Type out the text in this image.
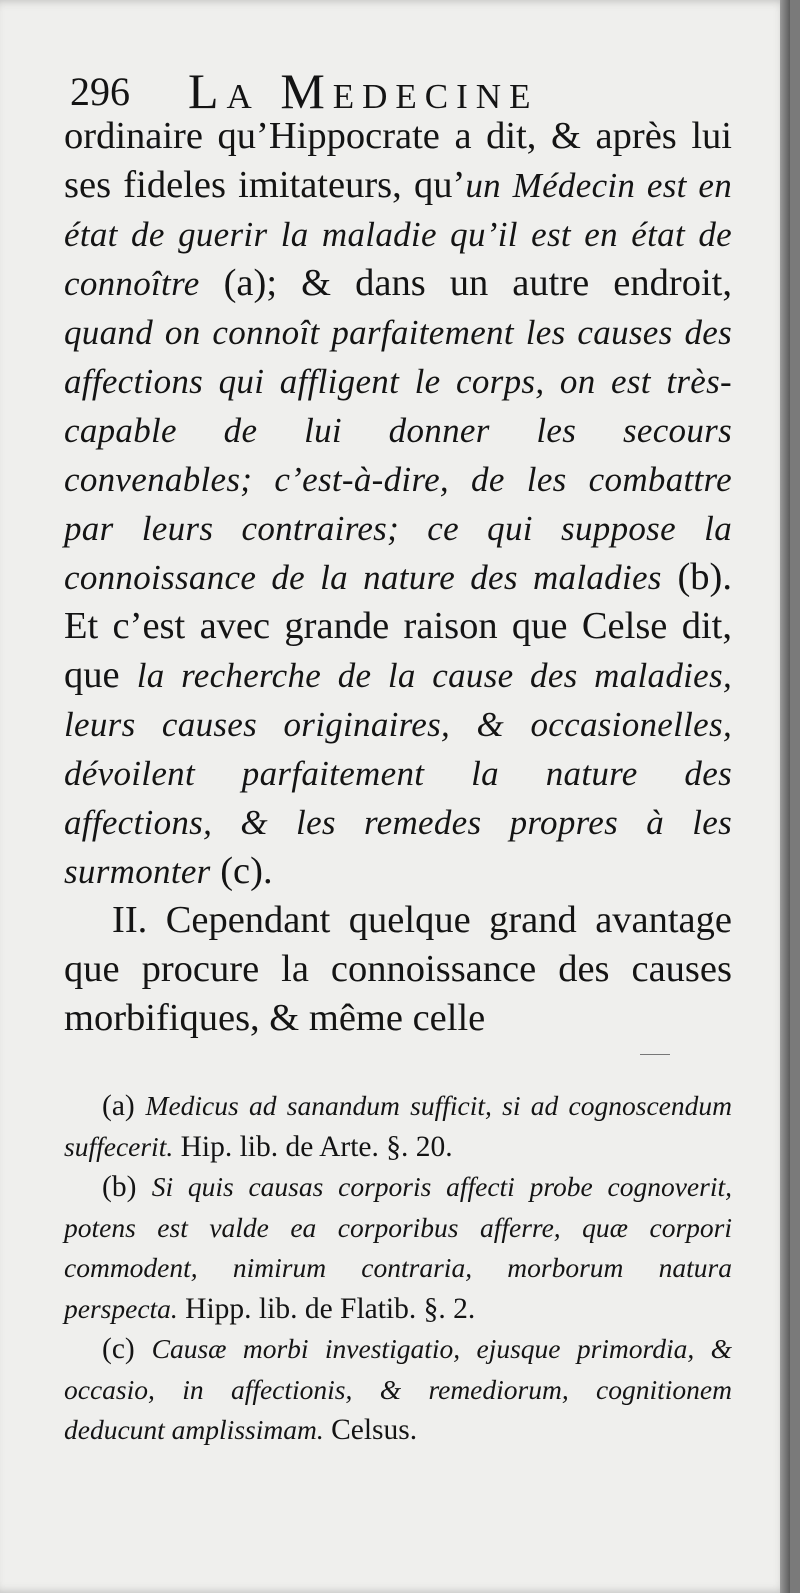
296 La Medecine

ordinaire qu’Hippocrate a dit, & après lui ses fideles imitateurs, qu’un Médecin est en état de guerir la maladie qu’il est en état de connoître (a); & dans un autre endroit, quand on connoît parfaitement les causes des affections qui affligent le corps, on est très-capable de lui donner les secours convenables; c’est-à-dire, de les combattre par leurs contraires; ce qui suppose la connoissance de la nature des maladies (b). Et c’est avec grande raison que Celse dit, que la recherche de la cause des maladies, leurs causes originaires, & occasionelles, dévoilent parfaitement la nature des affections, & les remedes propres à les surmonter (c).

II. Cependant quelque grand avantage que procure la connoissance des causes morbifiques, & même celle

(a) Medicus ad sanandum sufficit, si ad cognoscendum suffecerit. Hip. lib. de Arte. §. 20.

(b) Si quis causas corporis affecti probe cognoverit, potens est valde ea corporibus afferre, quæ corpori commodent, nimirum contraria, morborum natura perspecta. Hipp. lib. de Flatib. §. 2.

(c) Causæ morbi investigatio, ejusque primordia, & occasio, in affectionis, & remediorum, cognitionem deducunt amplissimam. Celsus.
